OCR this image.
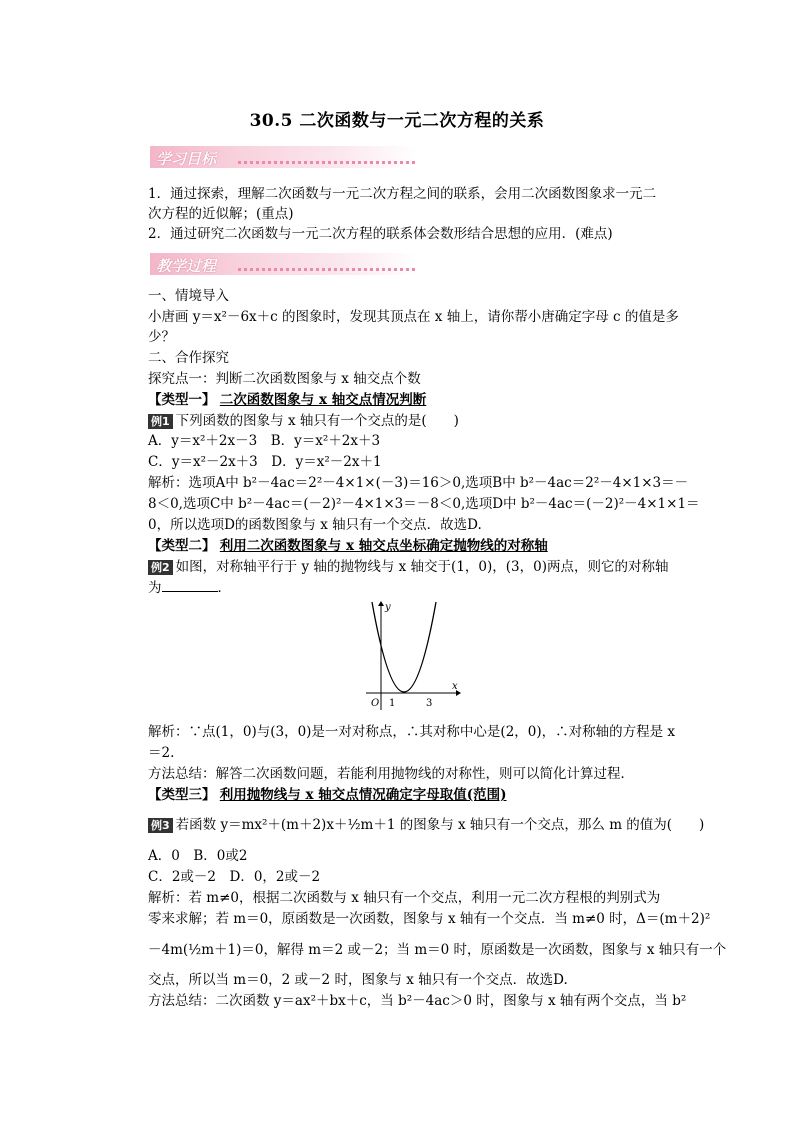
30.5 二次函数与一元二次方程的关系
学习目标
1．通过探索，理解二次函数与一元二次方程之间的联系，会用二次函数图象求一元二
次方程的近似解；(重点)
2．通过研究二次函数与一元二次方程的联系体会数形结合思想的应用．(难点)
教学过程
一、情境导入
小唐画 y＝x²－6x＋c 的图象时，发现其顶点在 x 轴上，请你帮小唐确定字母 c 的值是多
少？
二、合作探究
探究点一：判断二次函数图象与 x 轴交点个数
【类型一】 二次函数图象与 x 轴交点情况判断
例1 下列函数的图象与 x 轴只有一个交点的是(　　)
A．y＝x²＋2x－3　B．y＝x²＋2x＋3
C．y＝x²－2x＋3　D．y＝x²－2x＋1
解析：选项A中 b²－4ac＝2²－4×1×(－3)＝16＞0,选项B中 b²－4ac＝2²－4×1×3＝－
8＜0,选项C中 b²－4ac＝(－2)²－4×1×3＝－8＜0,选项D中 b²－4ac＝(－2)²－4×1×1＝
0，所以选项D的函数图象与 x 轴只有一个交点．故选D.
【类型二】 利用二次函数图象与 x 轴交点坐标确定抛物线的对称轴
例2 如图，对称轴平行于 y 轴的抛物线与 x 轴交于(1，0)，(3，0)两点，则它的对称轴
为	．
y
x
O 1	3
解析：∵点(1，0)与(3，0)是一对对称点，∴其对称中心是(2，0)，∴对称轴的方程是 x
＝2.
方法总结：解答二次函数问题，若能利用抛物线的对称性，则可以简化计算过程．
【类型三】 利用抛物线与 x 轴交点情况确定字母取值(范围)
例3 若函数 y＝mx²＋(m＋2)x＋½m＋1 的图象与 x 轴只有一个交点，那么 m 的值为(　　)
A．0　B．0或2
C．2或－2　D．0，2或－2
解析：若 m≠0，根据二次函数与 x 轴只有一个交点，利用一元二次方程根的判别式为
零来求解；若 m＝0，原函数是一次函数，图象与 x 轴有一个交点．当 m≠0 时，Δ＝(m＋2)²
－4m(½m＋1)＝0，解得 m＝2 或－2；当 m＝0 时，原函数是一次函数，图象与 x 轴只有一个
交点，所以当 m＝0，2 或－2 时，图象与 x 轴只有一个交点．故选D.
方法总结：二次函数 y＝ax²＋bx＋c，当 b²－4ac＞0 时，图象与 x 轴有两个交点，当 b²
